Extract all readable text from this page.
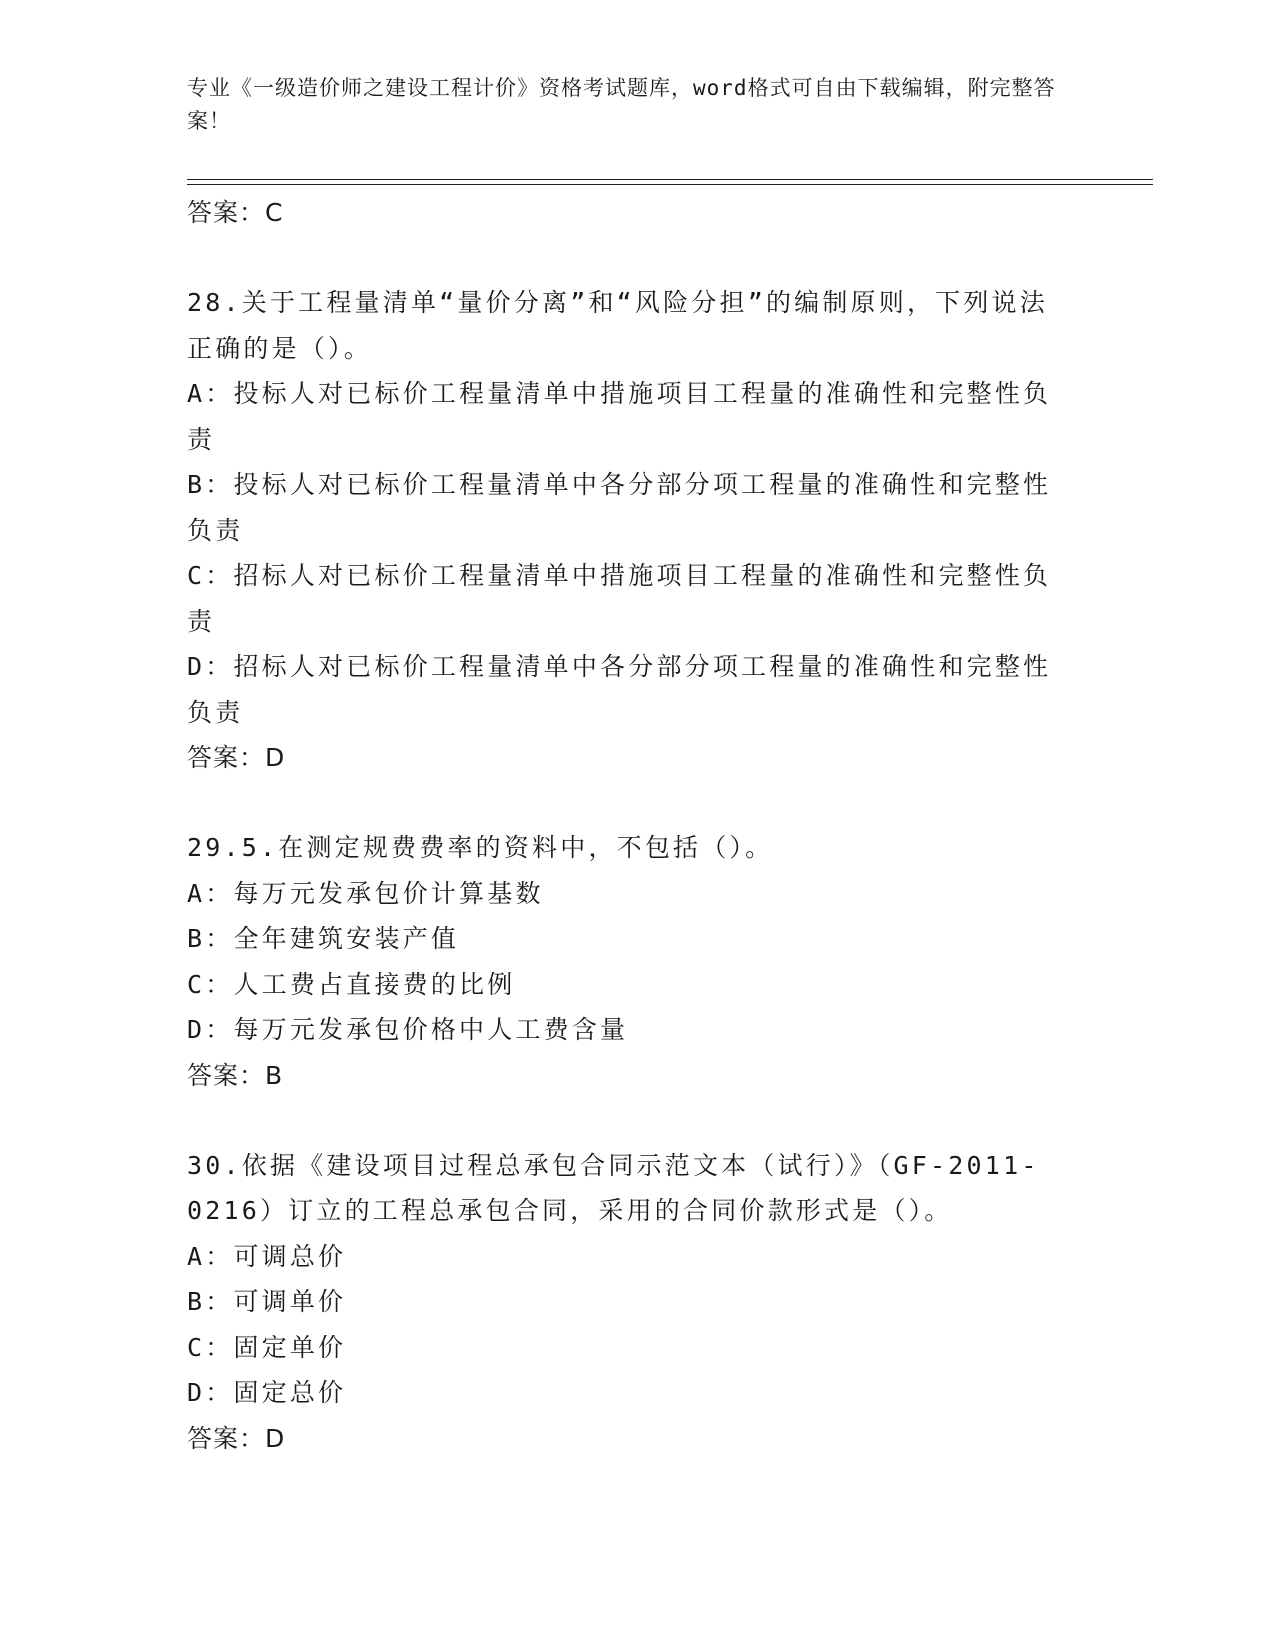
专业《一级造价师之建设工程计价》资格考试题库，word格式可自由下载编辑，附完整答案！
答案：C
28.关于工程量清单“量价分离”和“风险分担”的编制原则，下列说法正确的是（）。
A：投标人对已标价工程量清单中措施项目工程量的准确性和完整性负责
B：投标人对已标价工程量清单中各分部分项工程量的准确性和完整性负责
C：招标人对已标价工程量清单中措施项目工程量的准确性和完整性负责
D：招标人对已标价工程量清单中各分部分项工程量的准确性和完整性负责
答案：D
29.5.在测定规费费率的资料中，不包括（）。
A：每万元发承包价计算基数
B：全年建筑安装产值
C：人工费占直接费的比例
D：每万元发承包价格中人工费含量
答案：B
30.依据《建设项目过程总承包合同示范文本（试行）》（GF-2011-0216）订立的工程总承包合同，采用的合同价款形式是（）。
A：可调总价
B：可调单价
C：固定单价
D：固定总价
答案：D
